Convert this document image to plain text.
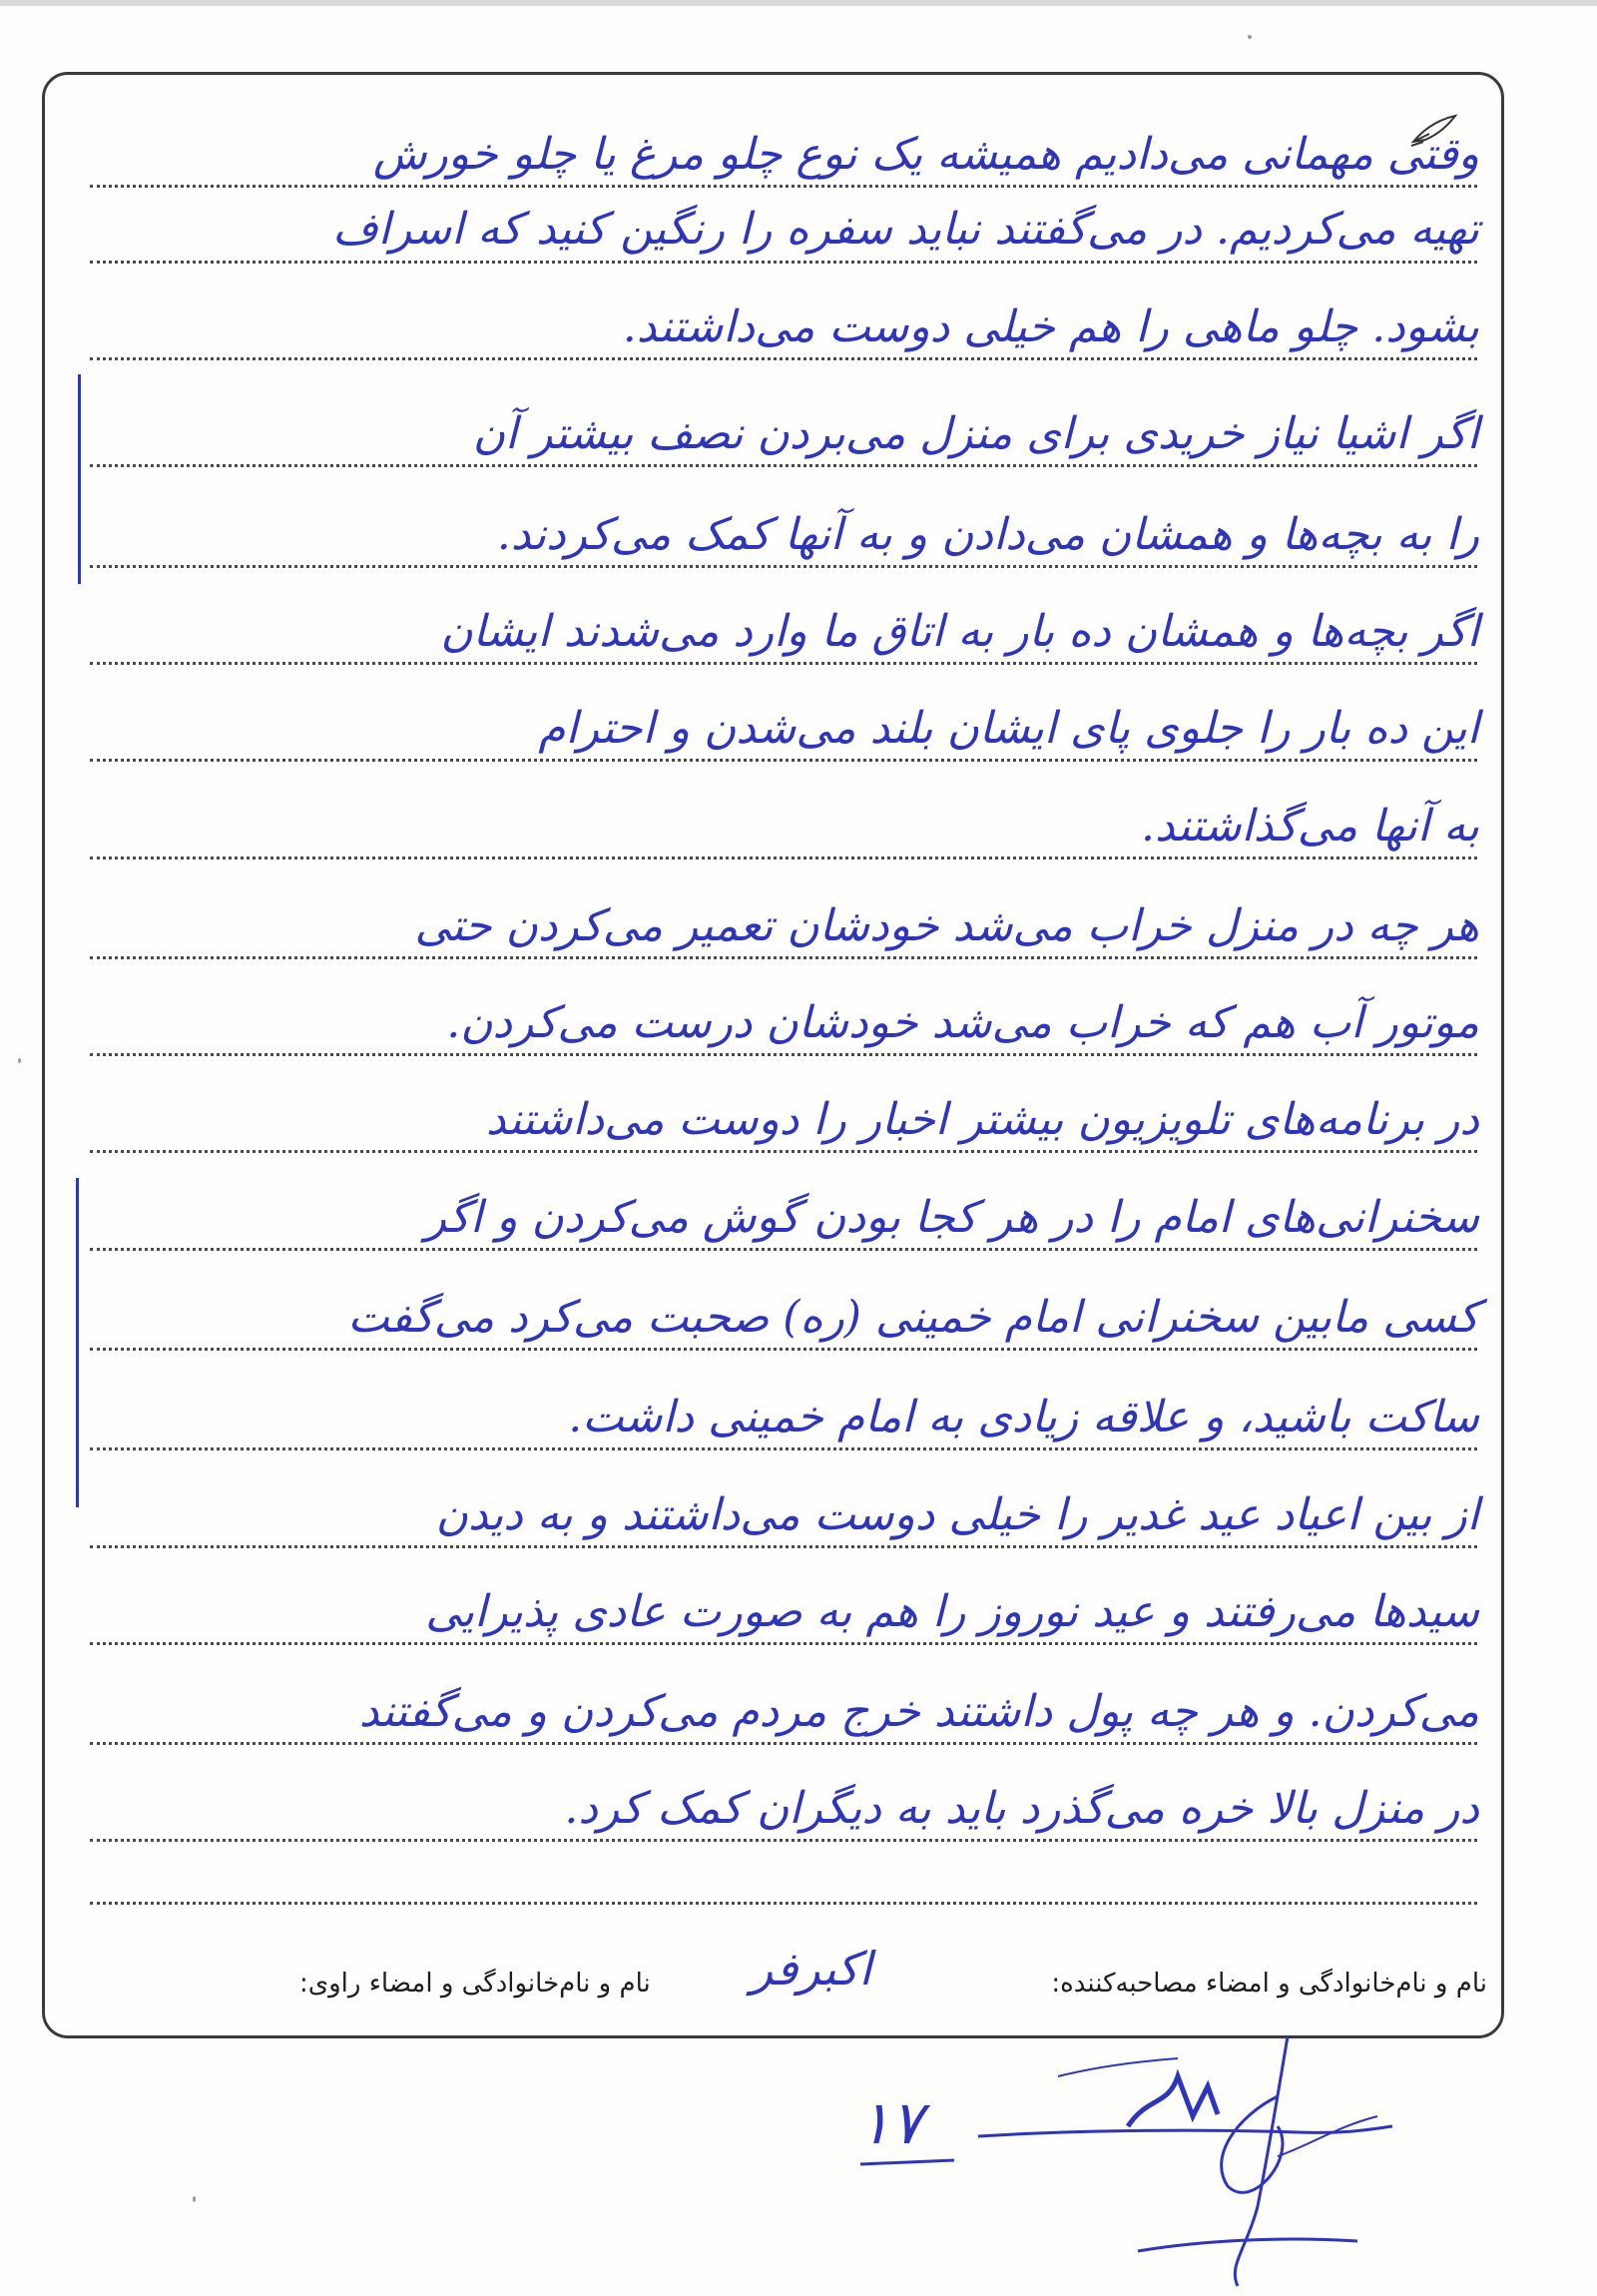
وقتی مهمانی می‌دادیم همیشه یک نوع چلو مرغ یا چلو خورش
تهیه می‌کردیم. در می‌گفتند نباید سفره را رنگین کنید که اسراف
بشود. چلو ماهی را هم خیلی دوست می‌داشتند.
اگر اشیا نیاز خریدی برای منزل می‌بردن نصف بیشتر آن
را به بچه‌ها و همشان می‌دادن و به آنها کمک می‌کردند.
اگر بچه‌ها و همشان ده بار به اتاق ما وارد می‌شدند ایشان
این ده بار را جلوی پای ایشان بلند می‌شدن و احترام
به آنها می‌گذاشتند.
هر چه در منزل خراب می‌شد خودشان تعمیر می‌کردن حتی
موتور آب هم که خراب می‌شد خودشان درست می‌کردن.
در برنامه‌های تلویزیون بیشتر اخبار را دوست می‌داشتند
سخنرانی‌های امام را در هر کجا بودن گوش می‌کردن و اگر
کسی مابین سخنرانی امام خمینی (ره) صحبت می‌کرد می‌گفت
ساکت باشید، و علاقه زیادی به امام خمینی داشت.
از بین اعیاد عید غدیر را خیلی دوست می‌داشتند و به دیدن
سیدها می‌رفتند و عید نوروز را هم به صورت عادی پذیرایی
می‌کردن. و هر چه پول داشتند خرج مردم می‌کردن و می‌گفتند
در منزل بالا خره می‌گذرد باید به دیگران کمک کرد.
نام و نام‌خانوادگی و امضاء مصاحبه‌کننده:
اکبرفر
نام و نام‌خانوادگی و امضاء راوی:
۱۷
